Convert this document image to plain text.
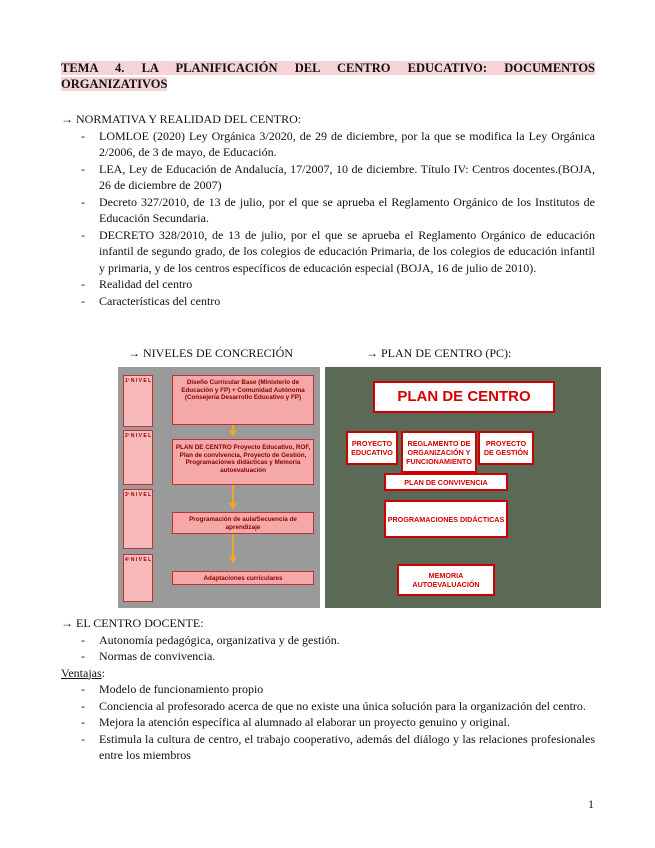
TEMA 4. LA PLANIFICACIÓN DEL CENTRO EDUCATIVO: DOCUMENTOS
ORGANIZATIVOS
→ NORMATIVA Y REALIDAD DEL CENTRO:
- LOMLOE (2020) Ley Orgánica 3/2020, de 29 de diciembre, por la que se modifica la Ley Orgánica 2/2006, de 3 de mayo, de Educación.
- LEA, Ley de Educación de Andalucía, 17/2007, 10 de diciembre. Título IV: Centros docentes.(BOJA, 26 de diciembre de 2007)
- Decreto 327/2010, de 13 de julio, por el que se aprueba el Reglamento Orgánico de los Institutos de Educación Secundaria.
- DECRETO 328/2010, de 13 de julio, por el que se aprueba el Reglamento Orgánico de educación infantil de segundo grado, de los colegios de educación Primaria, de los colegios de educación infantil y primaria, y de los centros específicos de educación especial (BOJA, 16 de julio de 2010).
- Realidad del centro
- Características del centro
→ NIVELES DE CONCRECIÓN	→ PLAN DE CENTRO (PC):
1º N I V E L
2º N I V E L
3º N I V E L
4º N I V E L
Diseño Curricular Base (Ministerio de Educación y FP) + Comunidad Autónoma (Consejería Desarrollo Educativo y FP)
PLAN DE CENTRO Proyecto Educativo, ROF, Plan de convivencia, Proyecto de Gestión, Programaciones didácticas y Memoria autoevaluación
Programación de aula/Secuencia de aprendizaje
Adaptaciones curriculares
PLAN DE CENTRO
PROYECTO EDUCATIVO
REGLAMENTO DE ORGANIZACIÓN Y FUNCIONAMIENTO
PROYECTO DE GESTIÓN
PLAN DE CONVIVENCIA
PROGRAMACIONES DIDÁCTICAS
MEMORIA AUTOEVALUACIÓN
→ EL CENTRO DOCENTE:
- Autonomía pedagógica, organizativa y de gestión.
- Normas de convivencia.
Ventajas:
- Modelo de funcionamiento propio
- Conciencia al profesorado acerca de que no existe una única solución para la organización del centro.
- Mejora la atención específica al alumnado al elaborar un proyecto genuino y original.
- Estimula la cultura de centro, el trabajo cooperativo, además del diálogo y las relaciones profesionales entre los miembros
1
